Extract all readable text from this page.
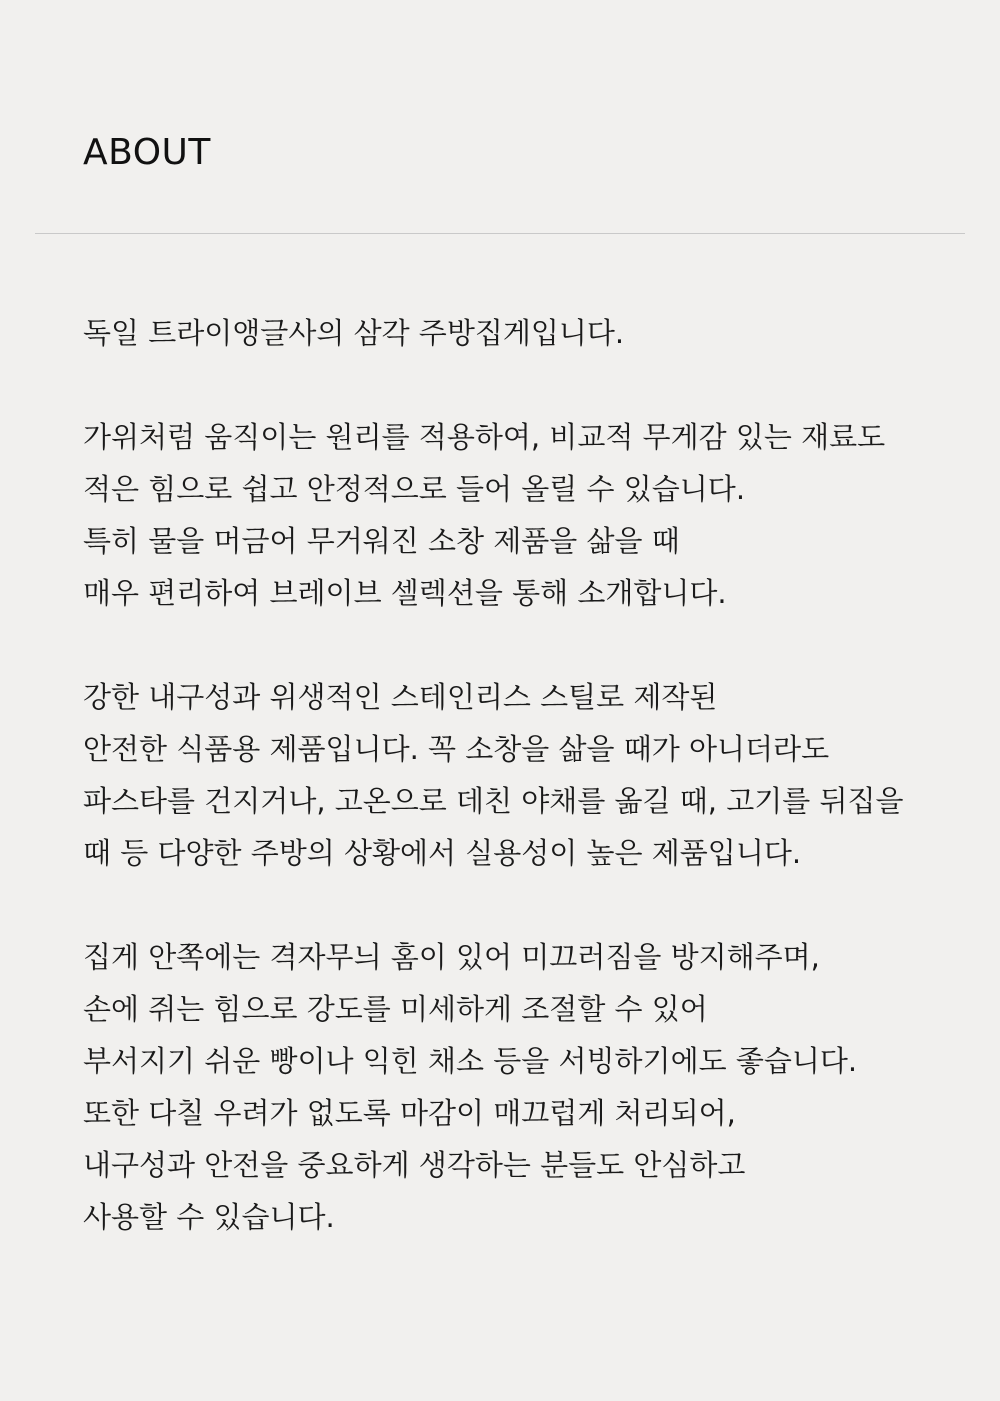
ABOUT

독일 트라이앵글사의 삼각 주방집게입니다.

가위처럼 움직이는 원리를 적용하여, 비교적 무게감 있는 재료도
적은 힘으로 쉽고 안정적으로 들어 올릴 수 있습니다.
특히 물을 머금어 무거워진 소창 제품을 삶을 때
매우 편리하여 브레이브 셀렉션을 통해 소개합니다.

강한 내구성과 위생적인 스테인리스 스틸로 제작된
안전한 식품용 제품입니다. 꼭 소창을 삶을 때가 아니더라도
파스타를 건지거나, 고온으로 데친 야채를 옮길 때, 고기를 뒤집을
때 등 다양한 주방의 상황에서 실용성이 높은 제품입니다.

집게 안쪽에는 격자무늬 홈이 있어 미끄러짐을 방지해주며,
손에 쥐는 힘으로 강도를 미세하게 조절할 수 있어
부서지기 쉬운 빵이나 익힌 채소 등을 서빙하기에도 좋습니다.
또한 다칠 우려가 없도록 마감이 매끄럽게 처리되어,
내구성과 안전을 중요하게 생각하는 분들도 안심하고
사용할 수 있습니다.
